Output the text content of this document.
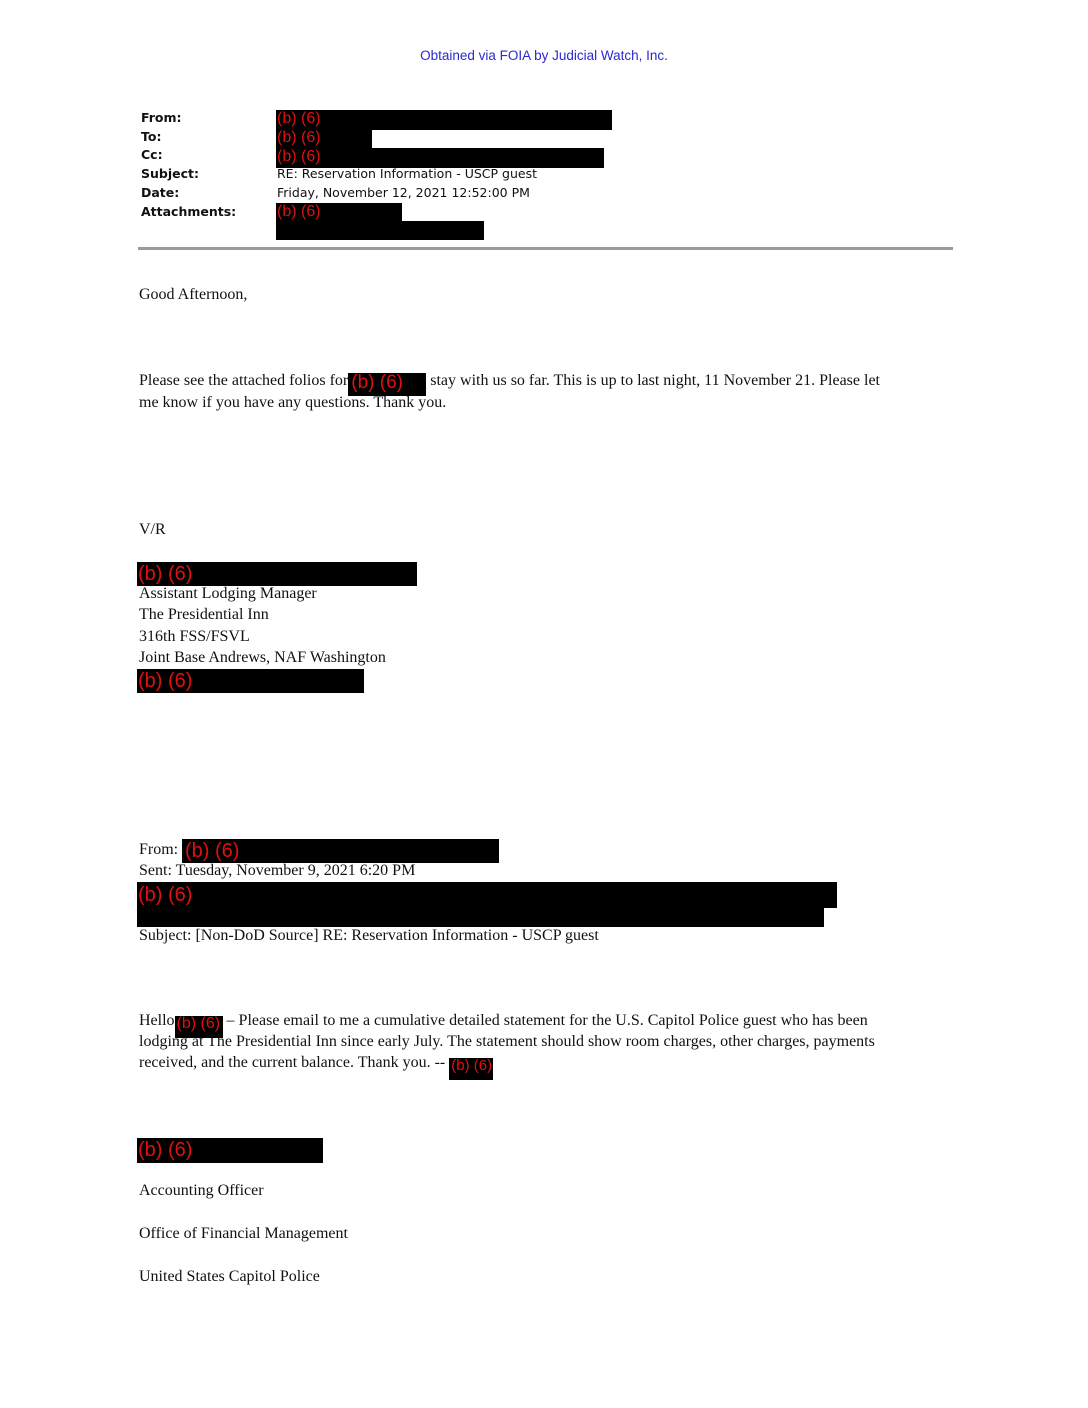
Obtained via FOIA by Judicial Watch, Inc.
From:
To:
Cc:
Subject:
Date:
Attachments:
(b) (6)
(b) (6)
(b) (6)
RE: Reservation Information - USCP guest
Friday, November 12, 2021 12:52:00 PM
(b) (6)
Good Afternoon,
Please see the attached folios for (b) (6) stay with us so far. This is up to last night, 11 November 21. Please let
me know if you have any questions. Thank you.
V/R
(b) (6)
Assistant Lodging Manager
The Presidential Inn
316th FSS/FSVL
Joint Base Andrews, NAF Washington
(b) (6)
From: (b) (6)
Sent: Tuesday, November 9, 2021 6:20 PM
(b) (6)
Subject: [Non-DoD Source] RE: Reservation Information - USCP guest
Hello (b) (6) – Please email to me a cumulative detailed statement for the U.S. Capitol Police guest who has been
lodging at The Presidential Inn since early July. The statement should show room charges, other charges, payments
received, and the current balance. Thank you. -- (b) (6)
(b) (6)
Accounting Officer
Office of Financial Management
United States Capitol Police
